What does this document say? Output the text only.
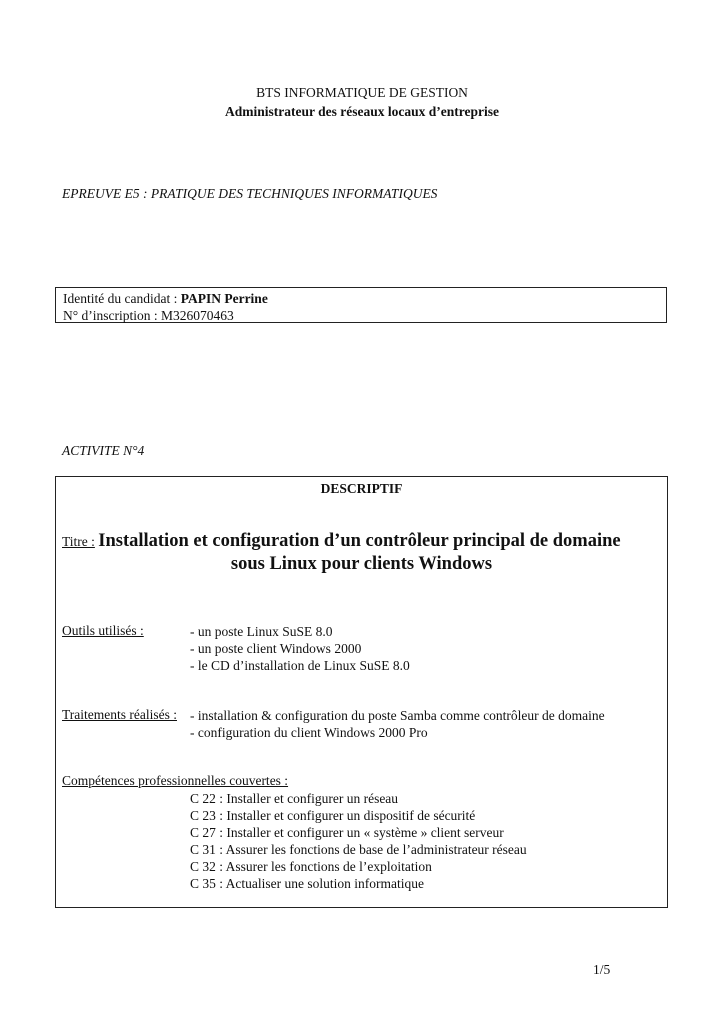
BTS INFORMATIQUE DE GESTION
Administrateur des réseaux locaux d’entreprise
EPREUVE E5 : PRATIQUE DES TECHNIQUES INFORMATIQUES
Identité du candidat : PAPIN Perrine
N° d’inscription : M326070463
ACTIVITE N°4
DESCRIPTIF
Titre : Installation et configuration d’un contrôleur principal de domaine
sous Linux pour clients Windows
Outils utilisés :	- un poste Linux SuSE 8.0
- un poste client Windows 2000
- le CD d’installation de Linux SuSE 8.0
Traitements réalisés : - installation & configuration du poste Samba comme contrôleur de domaine
- configuration du client Windows 2000 Pro
Compétences professionnelles couvertes :
C 22 : Installer et configurer un réseau
C 23 : Installer et configurer un dispositif de sécurité
C 27 : Installer et configurer un « système » client serveur
C 31 : Assurer les fonctions de base de l’administrateur réseau
C 32 : Assurer les fonctions de l’exploitation
C 35 : Actualiser une solution informatique
1/5
